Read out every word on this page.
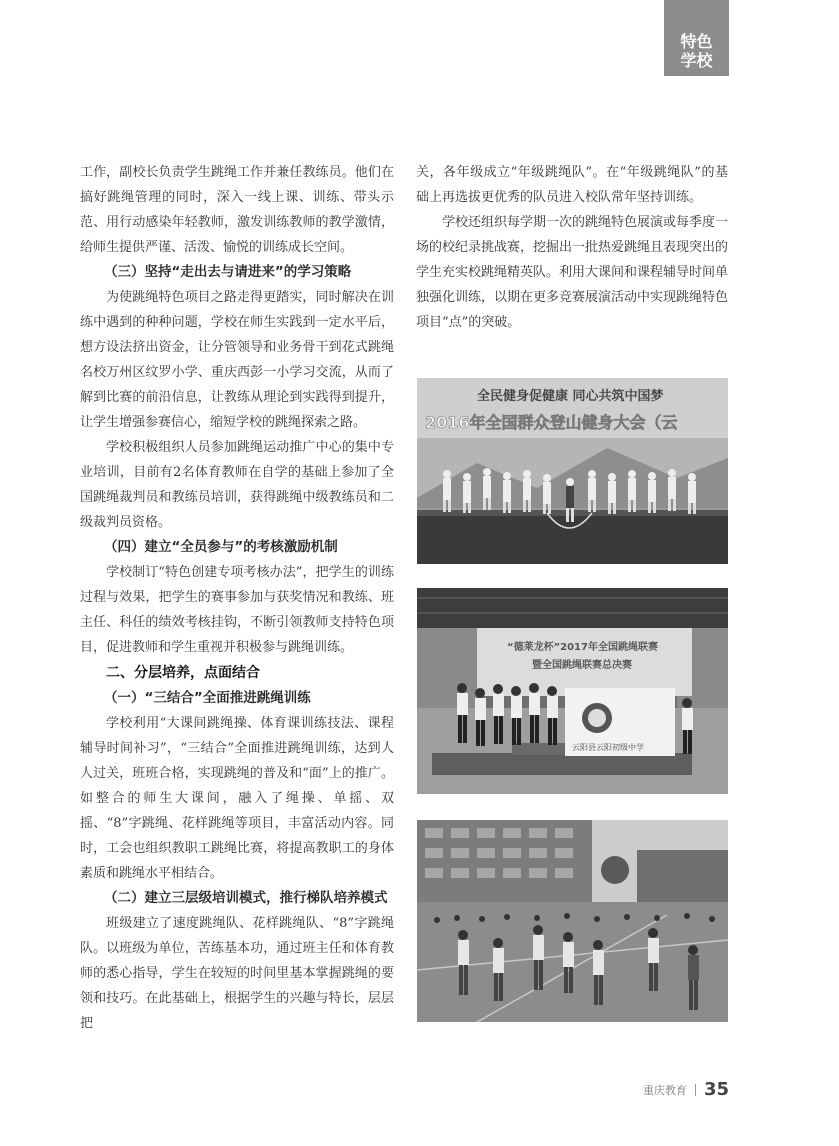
特色
学校

工作，副校长负责学生跳绳工作并兼任教练员。他们在搞好跳绳管理的同时，深入一线上课、训练、带头示范、用行动感染年轻教师，激发训练教师的教学激情，给师生提供严谨、活泼、愉悦的训练成长空间。

（三）坚持“走出去与请进来”的学习策略

为使跳绳特色项目之路走得更踏实，同时解决在训练中遇到的种种问题，学校在师生实践到一定水平后，想方设法挤出资金，让分管领导和业务骨干到花式跳绳名校万州区纹罗小学、重庆西彭一小学习交流，从而了解到比赛的前沿信息，让教练从理论到实践得到提升，让学生增强参赛信心，缩短学校的跳绳探索之路。

学校积极组织人员参加跳绳运动推广中心的集中专业培训，目前有2名体育教师在自学的基础上参加了全国跳绳裁判员和教练员培训，获得跳绳中级教练员和二级裁判员资格。

（四）建立“全员参与”的考核激励机制

学校制订“特色创建专项考核办法”，把学生的训练过程与效果，把学生的赛事参加与获奖情况和教练、班主任、科任的绩效考核挂钩，不断引领教师支持特色项目，促进教师和学生重视并积极参与跳绳训练。

二、分层培养，点面结合
（一）“三结合”全面推进跳绳训练

学校利用“大课间跳绳操、体育课训练技法、课程辅导时间补习”，“三结合”全面推进跳绳训练，达到人人过关，班班合格，实现跳绳的普及和“面”上的推广。如整合的师生大课间，融入了绳操、单摇、双摇、“8”字跳绳、花样跳绳等项目，丰富活动内容。同时，工会也组织教职工跳绳比赛，将提高教职工的身体素质和跳绳水平相结合。

（二）建立三层级培训模式，推行梯队培养模式

班级建立了速度跳绳队、花样跳绳队、“8”字跳绳队。以班级为单位，苦练基本功，通过班主任和体育教师的悉心指导，学生在较短的时间里基本掌握跳绳的要领和技巧。在此基础上，根据学生的兴趣与特长，层层把

关，各年级成立“年级跳绳队”。在“年级跳绳队”的基础上再选拔更优秀的队员进入校队常年坚持训练。

学校还组织每学期一次的跳绳特色展演或每季度一场的校纪录挑战赛，挖掘出一批热爱跳绳且表现突出的学生充实校跳绳精英队。利用大课间和课程辅导时间单独强化训练，以期在更多竞赛展演活动中实现跳绳特色项目“点”的突破。

全民健身促健康 同心共筑中国梦
2016年全国群众登山健身大会（云
“德莱龙杯”2017年全国跳绳联赛
暨全国跳绳联赛总决赛
云阳县云阳初级中学
重庆教育 35
